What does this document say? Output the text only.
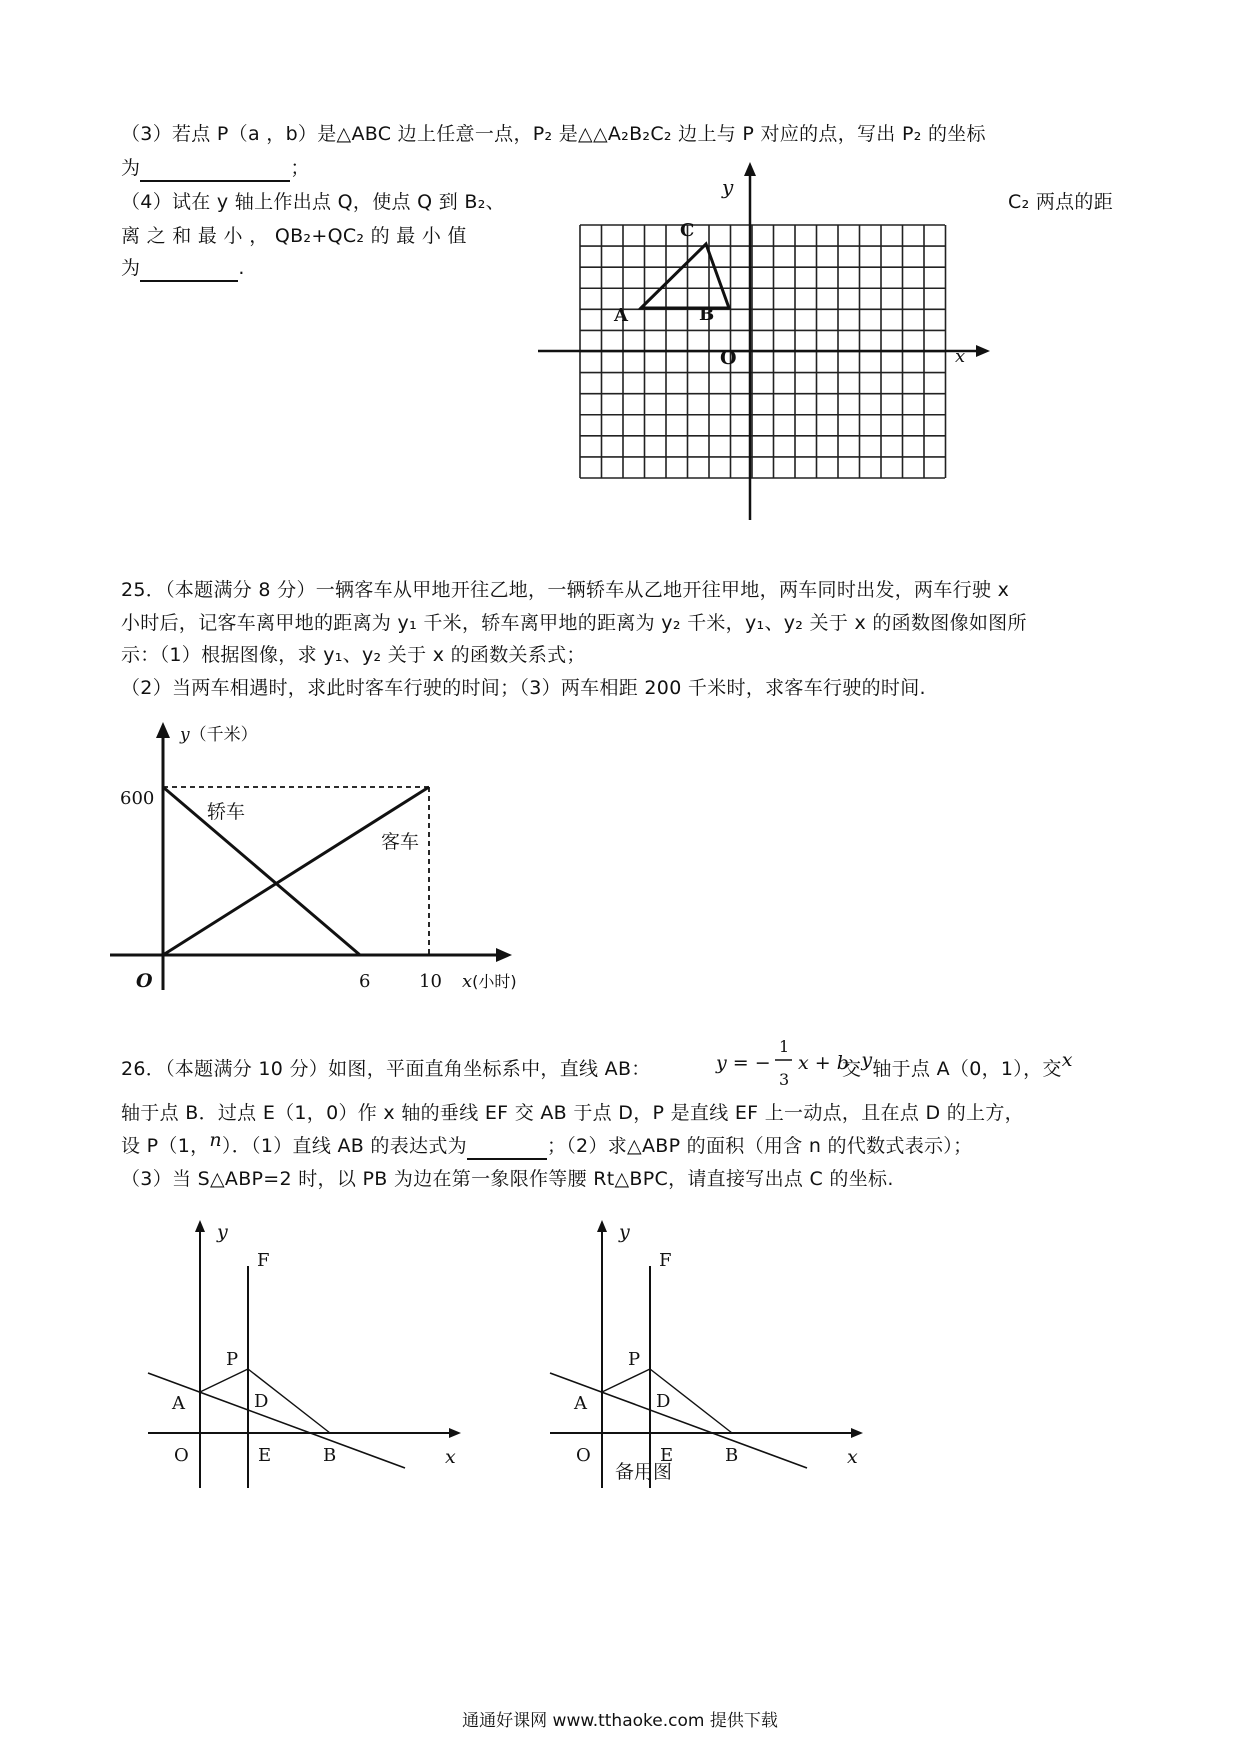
（3）若点 P（a ，b）是△ABC 边上任意一点，P₂ 是△△A₂B₂C₂ 边上与 P 对应的点，写出 P₂ 的坐标
为	；
（4）试在 y 轴上作出点 Q，使点 Q 到 B₂、	C₂ 两点的距
离 之 和 最 小 ， QB₂+QC₂ 的 最 小 值
为	.
y
x
O
A	B
C
25．（本题满分 8 分）一辆客车从甲地开往乙地，一辆轿车从乙地开往甲地，两车同时出发，两车行驶 x
小时后，记客车离甲地的距离为 y₁ 千米，轿车离甲地的距离为 y₂ 千米，y₁、y₂ 关于 x 的函数图像如图所
示：（1）根据图像，求 y₁、y₂ 关于 x 的函数关系式；
（2）当两车相遇时，求此时客车行驶的时间；（3）两车相距 200 千米时，求客车行驶的时间.
y（千米）
600
轿车
客车
O	6	10 x(小时)
26．（本题满分 10 分）如图，平面直角坐标系中，直线 AB：	y = −
1
3
x + b
交y轴于点 A（0，1），交x
轴于点 B．过点 E（1，0）作 x 轴的垂线 EF 交 AB 于点 D，P 是直线 EF 上一动点，且在点 D 的上方，
设 P（1，n）．（1）直线 AB 的表达式为	；（2）求△ABP 的面积（用含 n 的代数式表示）；
（3）当 S△ABP=2 时，以 PB 为边在第一象限作等腰 Rt△BPC，请直接写出点 C 的坐标.
y
F
P
A	D
O	E	B	x
y
F
P
A	D
O	E	B	x
备用图
通通好课网 www.tthaoke.com 提供下载
